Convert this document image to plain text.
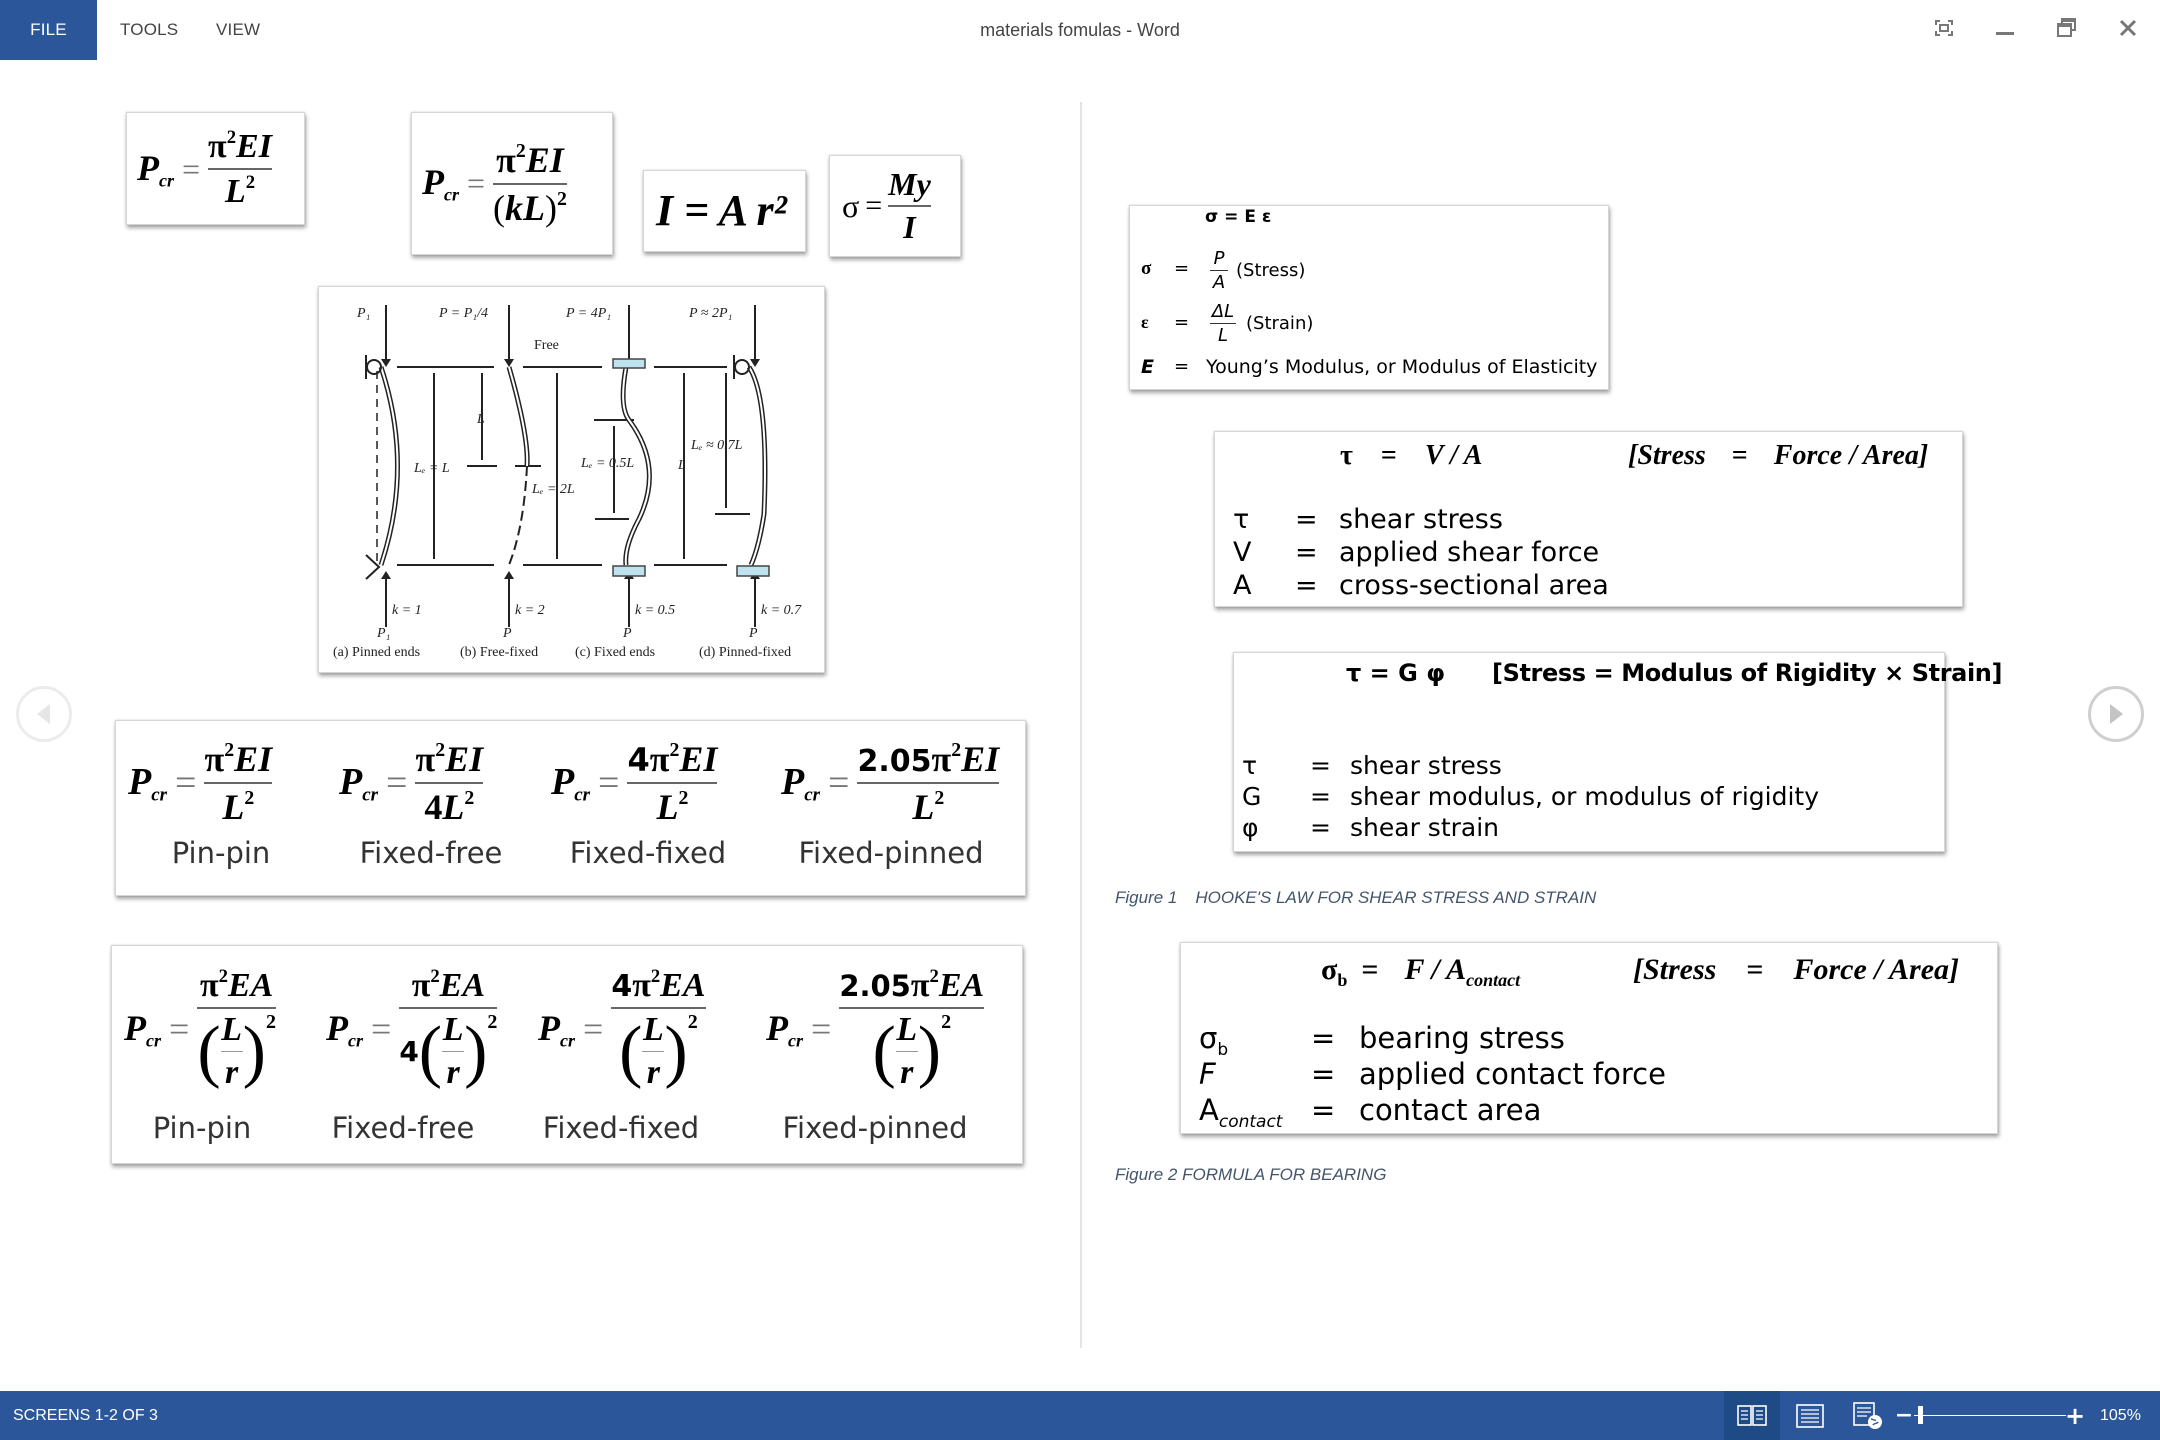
FILE	TOOLS VIEW	materials fomulas - Word
$P_{cr} = \frac{\pi^2EI}{L^2}$	$P_{cr} = \frac{\pi^2EI}{(kL)^2}$ I = A r² $\sigma = \frac{My}{I}$
P₁	P = P₁/4	P = 4P₁	P ≈ 2P₁
Free
Lₑ = L
L
Lₑ = 2L
Lₑ = 0.5L	L
Lₑ ≈ 0.7L
k = 1	k = 2	k = 0.5	k = 0.7
P₁	P	P	P
(a) Pinned ends	(b) Free-fixed	(c) Fixed ends	(d) Pinned-fixed
$P_{cr} = \frac{\pi^2EI}{L^2} P_{cr} = \frac{\pi^2EI}{4L^2} P_{cr} = \frac{4\pi^2EI}{L^2} P_{cr} = \frac{2.05\pi^2EI}{L^2}$
Pin-pin	Fixed-free	Fixed-fixed	Fixed-pinned
$P_{cr} = \frac{\pi^2EA}{( \frac{L}{r} )^2} P_{cr} = \frac{\pi^2EA}{4 ( \frac{L}{r} )^2} P_{cr} = \frac{4\pi^2EA}{( \frac{L}{r} )^2} P_{cr} = \frac{2.05\pi^2EA}{( \frac{L}{r} )^2}$
Pin-pin	Fixed-free	Fixed-fixed	Fixed-pinned
σ = E ε
$\sigma = \frac{P}{A}$ (Stress)
$\varepsilon = \frac{\Delta L}{L}$ (Strain)
E = Young’s Modulus, or Modulus of Elasticity
τ = V / A	[Stress = Force / Area]
τ	= shear stress
V	= applied shear force
A	= cross-sectional area
τ = G φ [Stress = Modulus of Rigidity × Strain]
τ	= shear stress
G	= shear modulus, or modulus of rigidity
φ	= shear strain
Figure 1 HOOKE'S LAW FOR SHEAR STRESS AND STRAIN
$\sigma_b = F / A_{contact}$	[Stress = Force / Area]
$\sigma_b$	= bearing stress
F	= applied contact force
$A_{contact}$ = contact area
Figure 2 FORMULA FOR BEARING
SCREENS 1-2 OF 3	−	+ 105%
